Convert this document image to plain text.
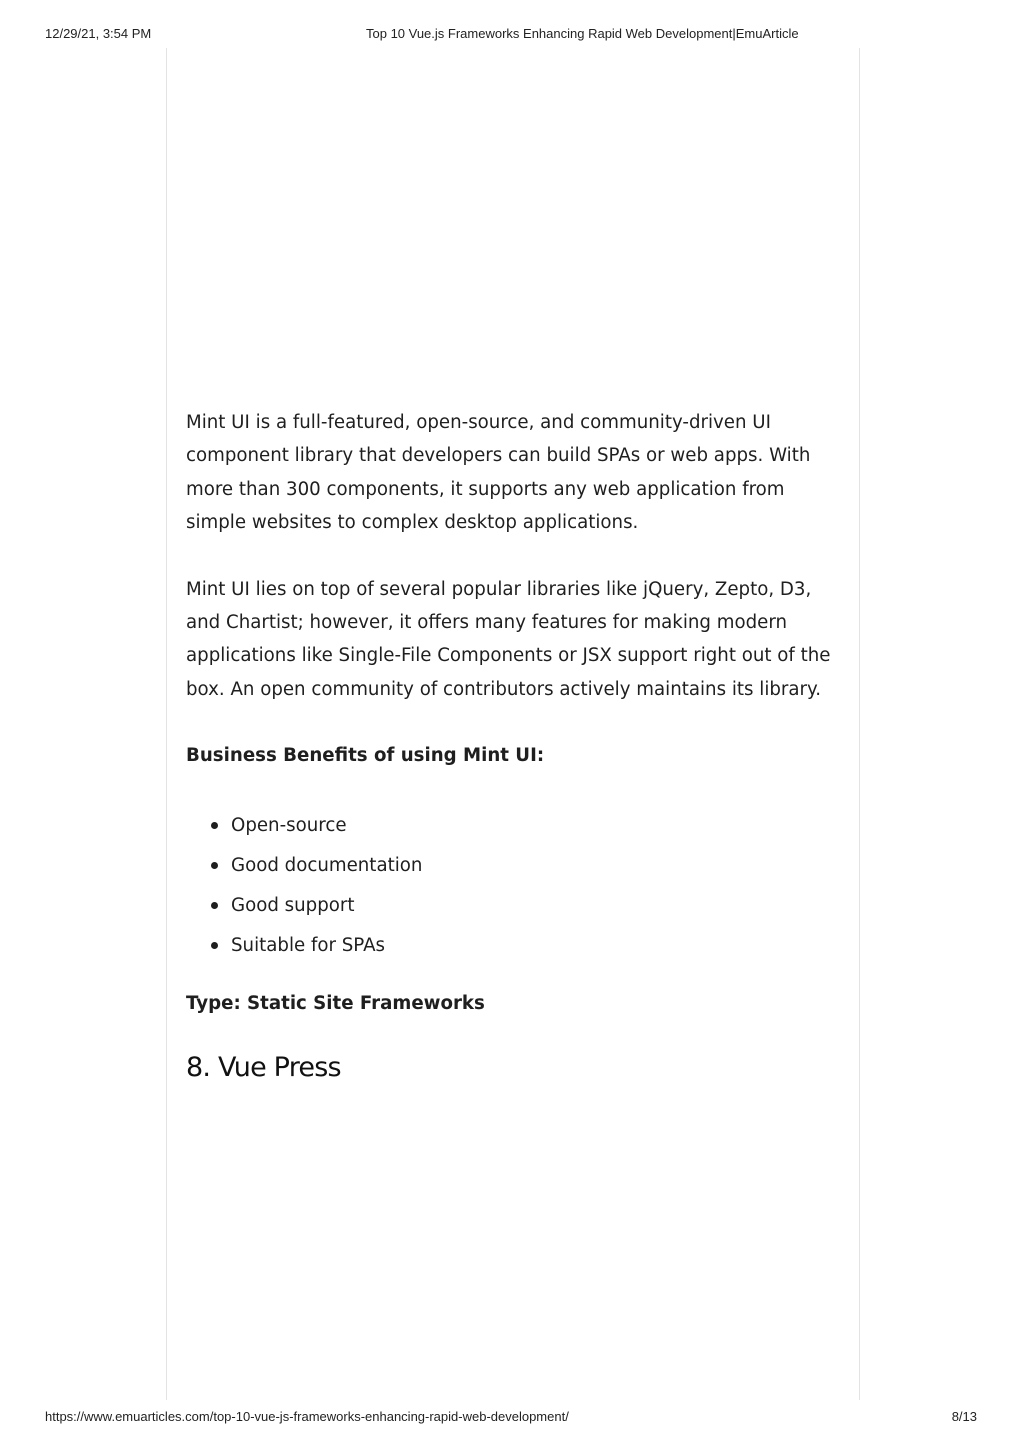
12/29/21, 3:54 PM	Top 10 Vue.js Frameworks Enhancing Rapid Web Development|EmuArticle

Mint UI is a full-featured, open-source, and community-driven UI component library that developers can build SPAs or web apps. With more than 300 components, it supports any web application from simple websites to complex desktop applications.

Mint UI lies on top of several popular libraries like jQuery, Zepto, D3, and Chartist; however, it offers many features for making modern applications like Single-File Components or JSX support right out of the box. An open community of contributors actively maintains its library.

Business Benefits of using Mint UI:
Open-source
Good documentation
Good support
Suitable for SPAs
Type: Static Site Frameworks
8. Vue Press
https://www.emuarticles.com/top-10-vue-js-frameworks-enhancing-rapid-web-development/	8/13
